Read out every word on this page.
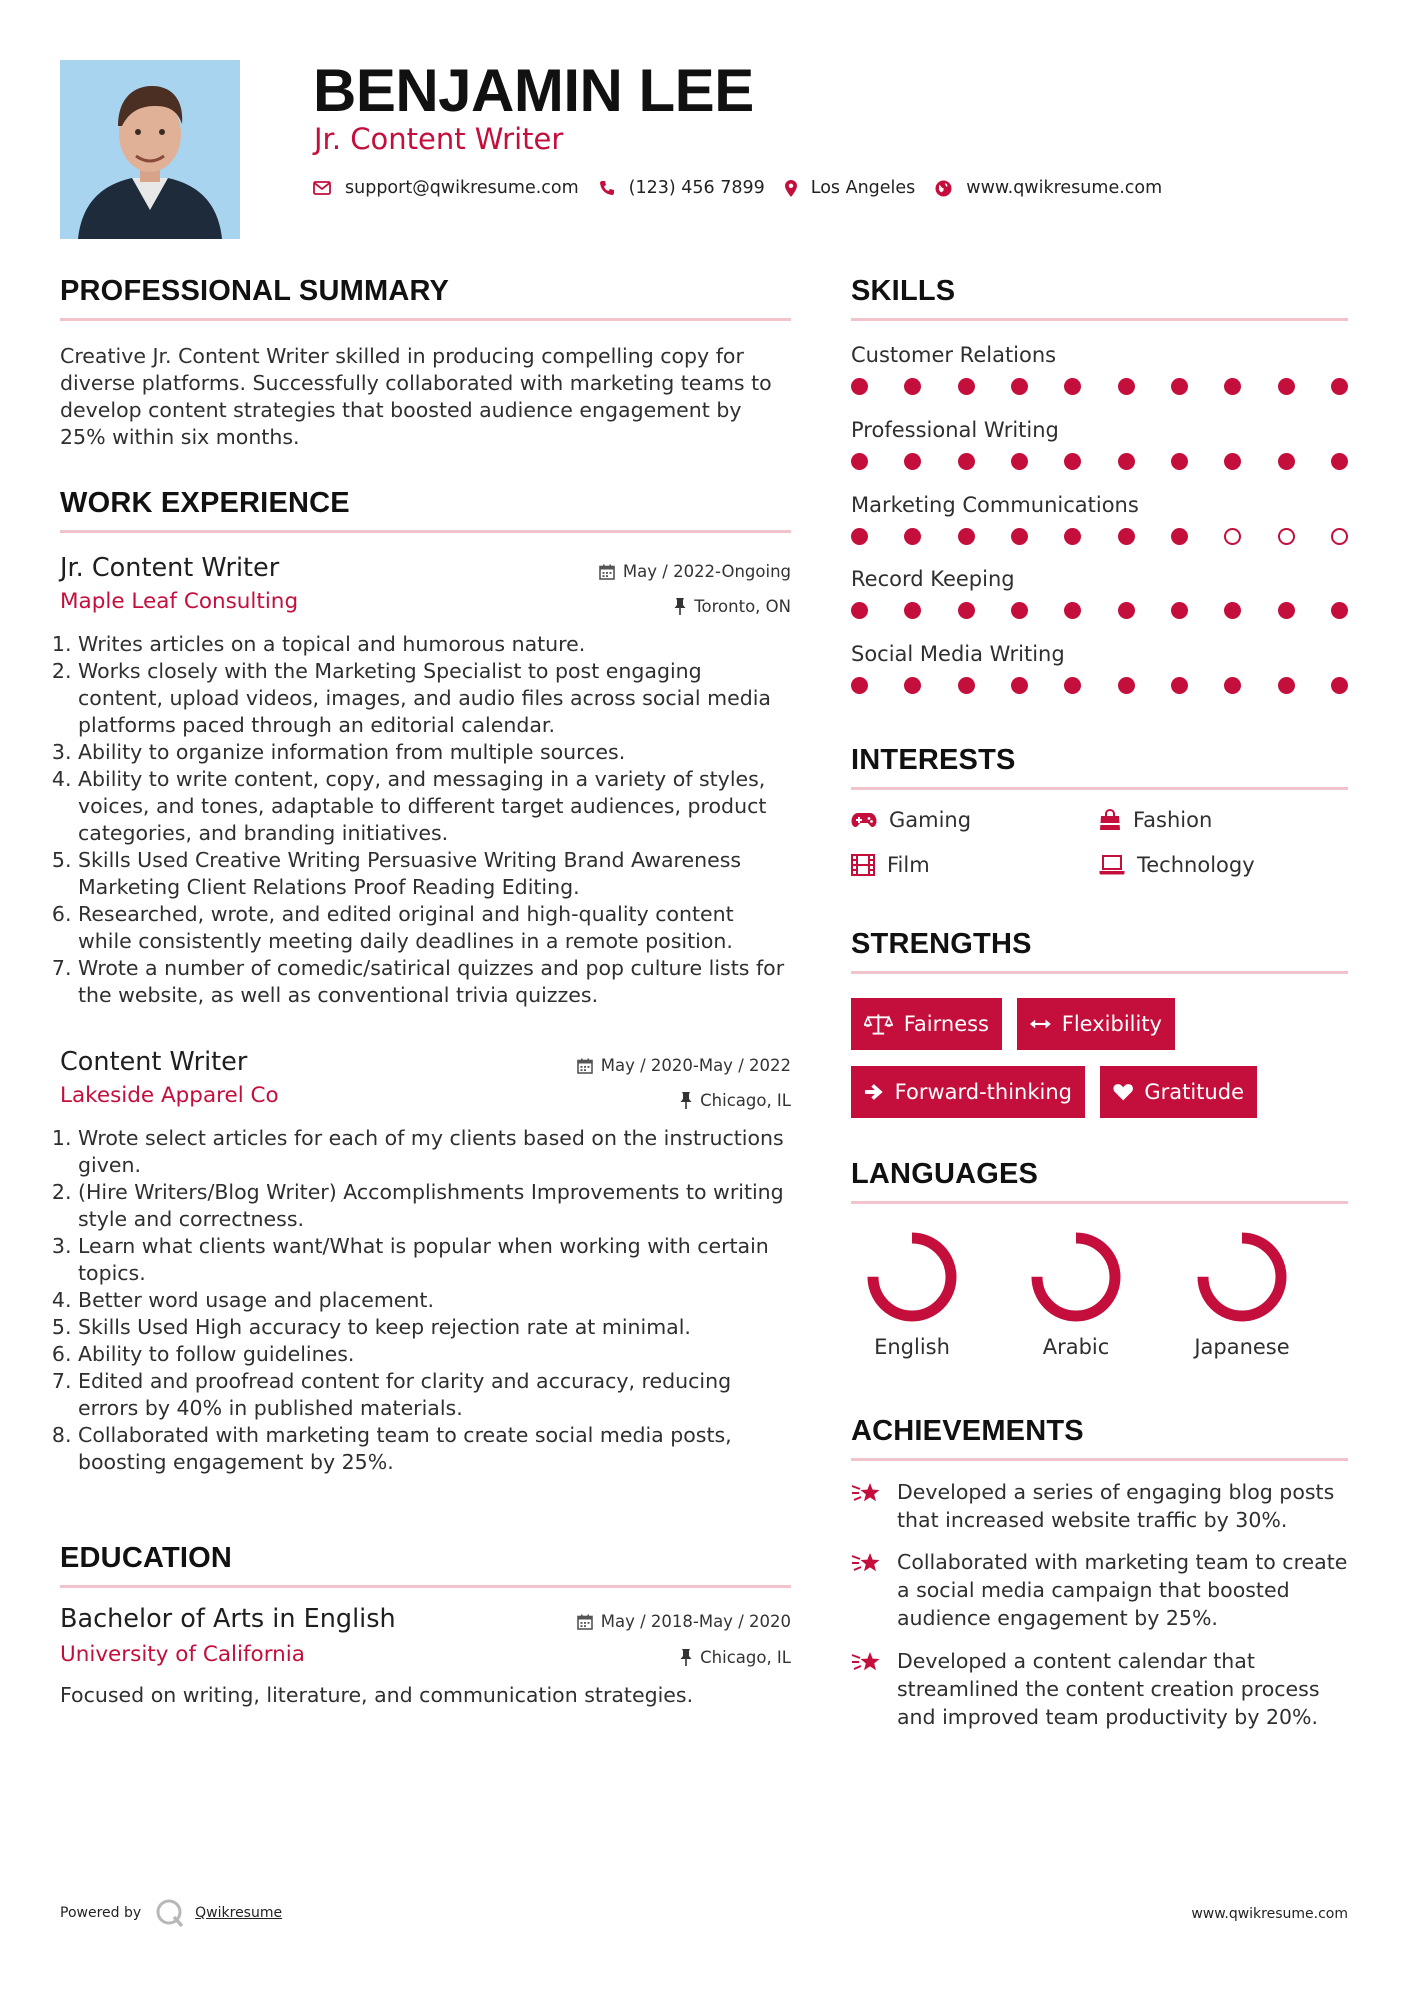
BENJAMIN LEE
Jr. Content Writer
support@qwikresume.com	(123) 456 7899	Los Angeles	www.qwikresume.com
PROFESSIONAL SUMMARY
Creative Jr. Content Writer skilled in producing compelling copy for diverse platforms. Successfully collaborated with marketing teams to develop content strategies that boosted audience engagement by 25% within six months.
WORK EXPERIENCE
Jr. Content Writer	May / 2022-Ongoing
Maple Leaf Consulting	Toronto, ON
1. Writes articles on a topical and humorous nature.
2. Works closely with the Marketing Specialist to post engaging content, upload videos, images, and audio files across social media platforms paced through an editorial calendar.
3. Ability to organize information from multiple sources.
4. Ability to write content, copy, and messaging in a variety of styles, voices, and tones, adaptable to different target audiences, product categories, and branding initiatives.
5. Skills Used Creative Writing Persuasive Writing Brand Awareness Marketing Client Relations Proof Reading Editing.
6. Researched, wrote, and edited original and high-quality content while consistently meeting daily deadlines in a remote position.
7. Wrote a number of comedic/satirical quizzes and pop culture lists for the website, as well as conventional trivia quizzes.
Content Writer	May / 2020-May / 2022
Lakeside Apparel Co	Chicago, IL
1. Wrote select articles for each of my clients based on the instructions given.
2. (Hire Writers/Blog Writer) Accomplishments Improvements to writing style and correctness.
3. Learn what clients want/What is popular when working with certain topics.
4. Better word usage and placement.
5. Skills Used High accuracy to keep rejection rate at minimal.
6. Ability to follow guidelines.
7. Edited and proofread content for clarity and accuracy, reducing errors by 40% in published materials.
8. Collaborated with marketing team to create social media posts, boosting engagement by 25%.
EDUCATION
Bachelor of Arts in English	May / 2018-May / 2020
University of California	Chicago, IL
Focused on writing, literature, and communication strategies.
SKILLS
Customer Relations
Professional Writing
Marketing Communications
Record Keeping
Social Media Writing
INTERESTS
Gaming	Fashion
Film	Technology
STRENGTHS
Fairness	Flexibility
Forward-thinking	Gratitude
LANGUAGES
English	Arabic	Japanese
ACHIEVEMENTS
Developed a series of engaging blog posts that increased website traffic by 30%.
Collaborated with marketing team to create a social media campaign that boosted audience engagement by 25%.
Developed a content calendar that streamlined the content creation process and improved team productivity by 20%.
Powered by	Qwikresume	www.qwikresume.com
